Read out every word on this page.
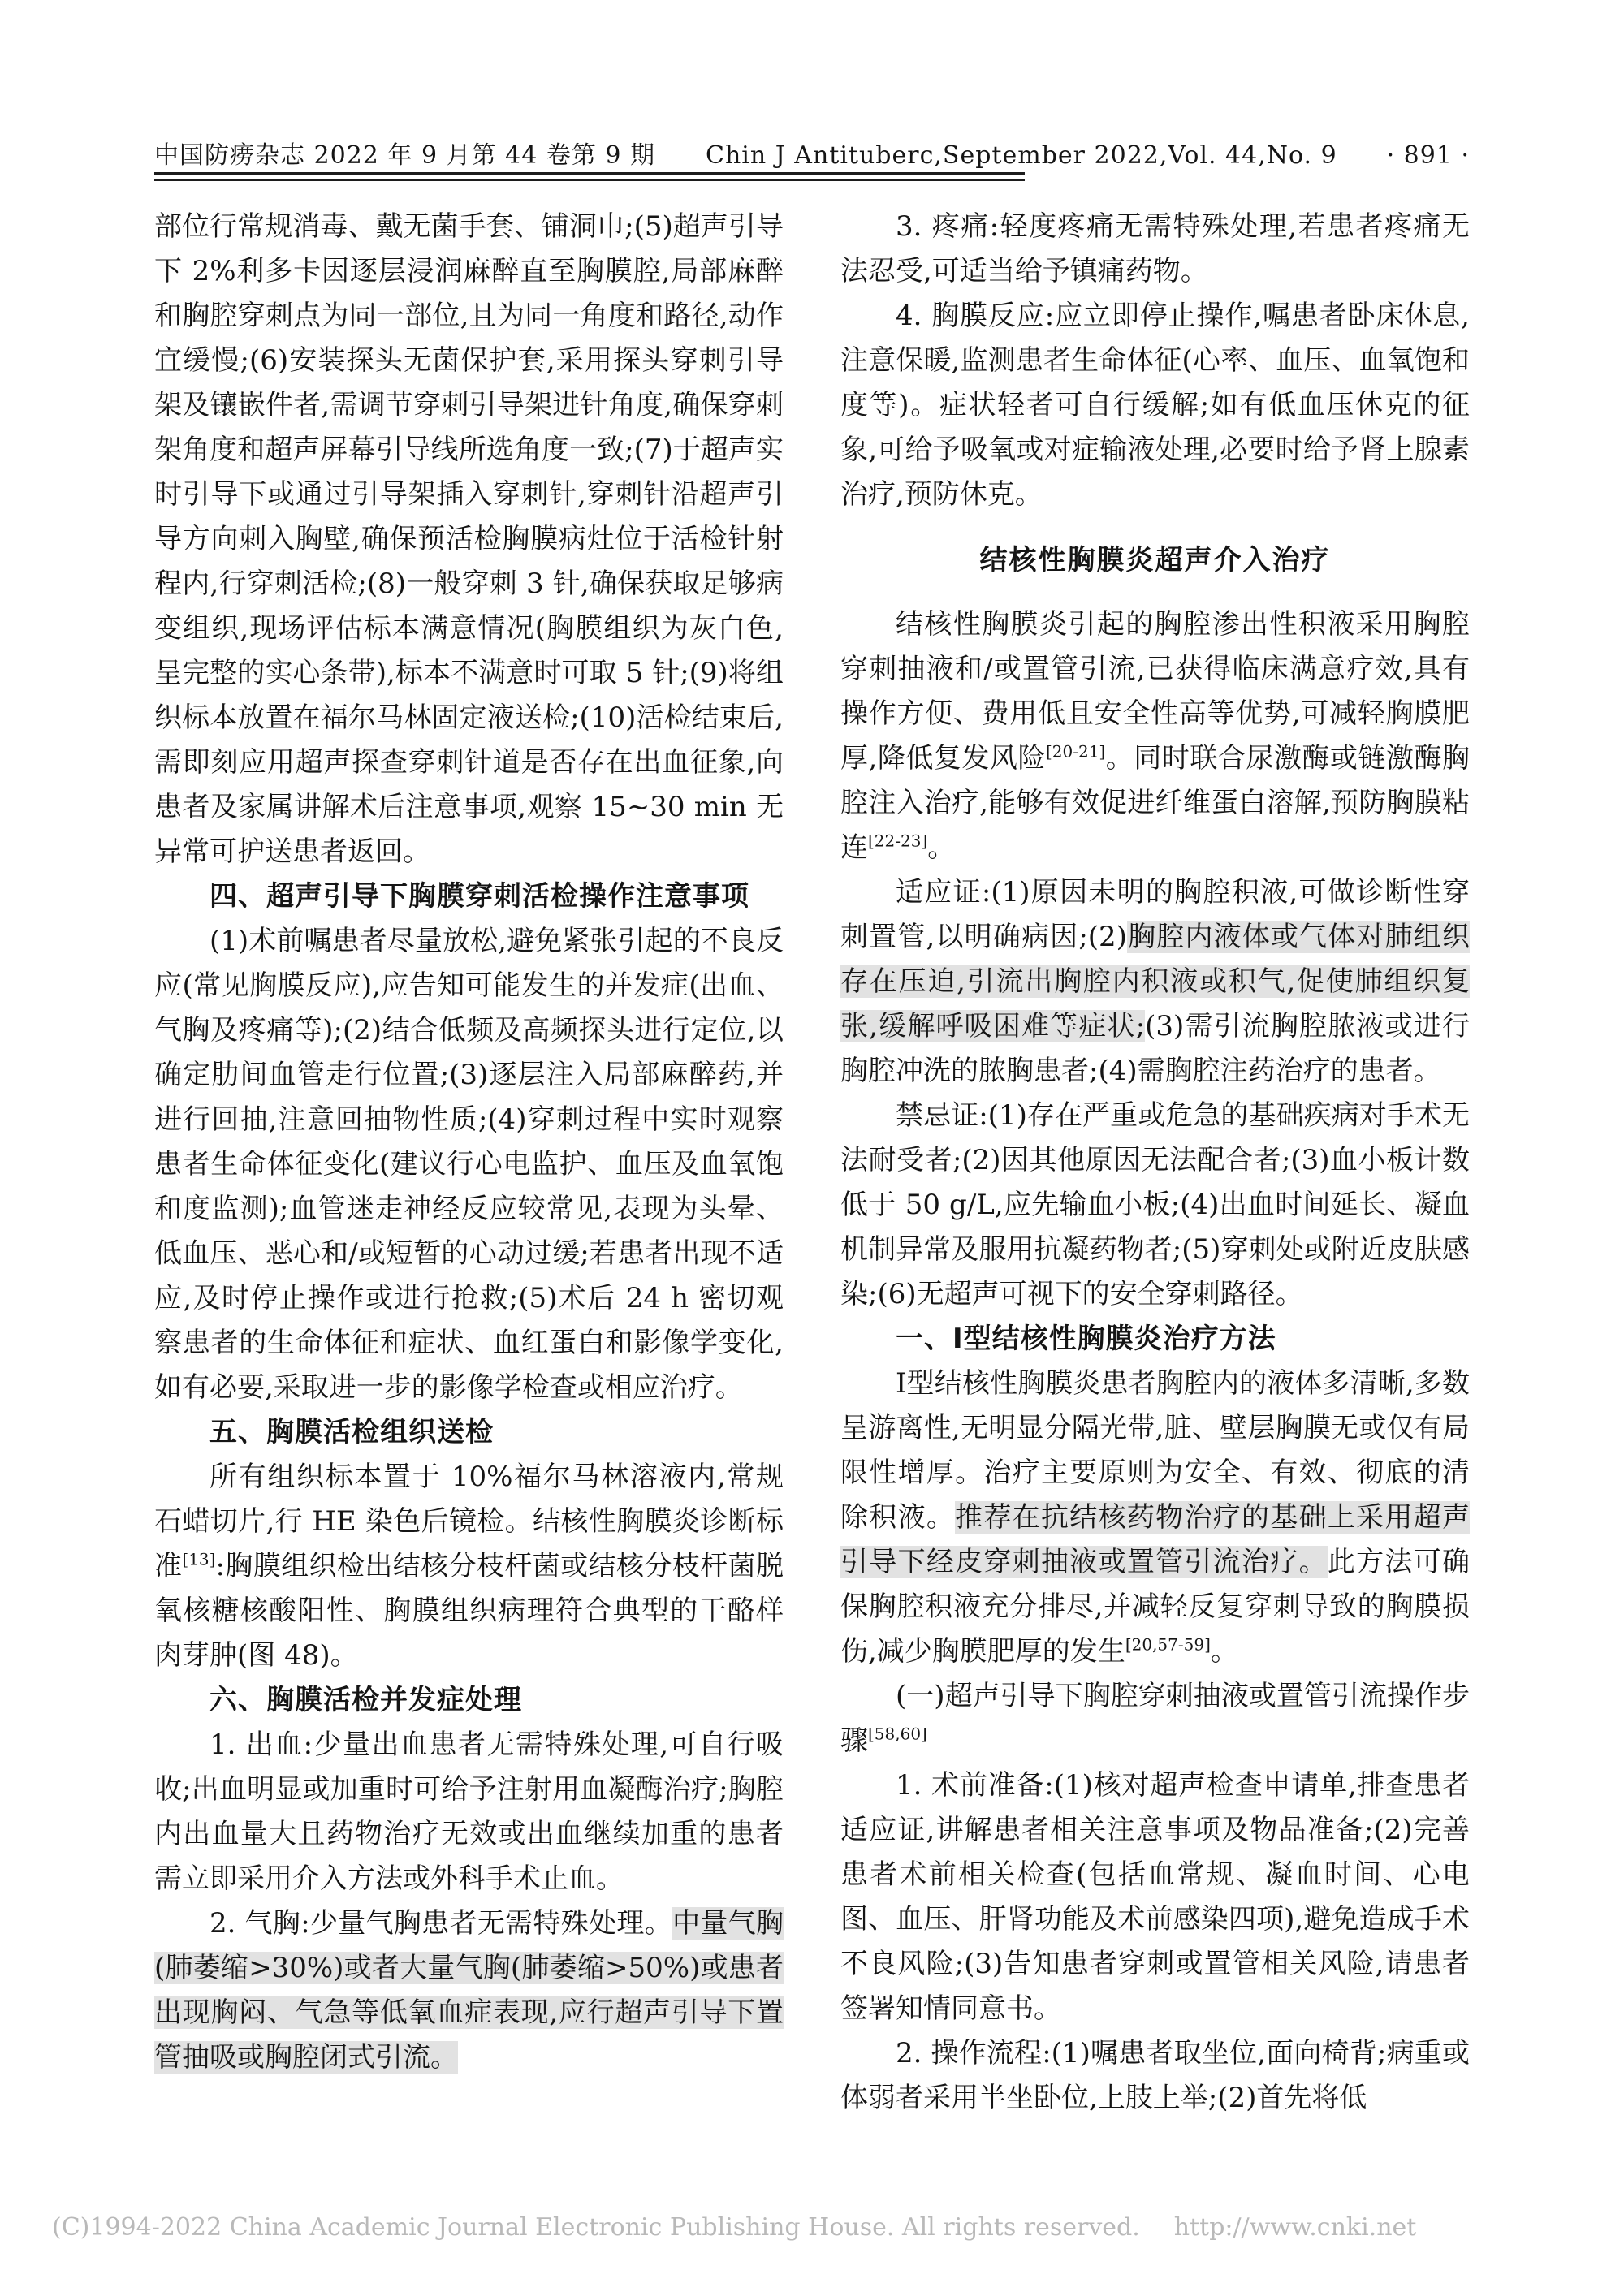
中国防痨杂志 2022 年 9 月第 44 卷第 9 期　　Chin J Antituberc,September 2022,Vol. 44,No. 9 · 891 ·

部位行常规消毒、戴无菌手套、铺洞巾;(5)超声引导下 2%利多卡因逐层浸润麻醉直至胸膜腔,局部麻醉和胸腔穿刺点为同一部位,且为同一角度和路径,动作宜缓慢;(6)安装探头无菌保护套,采用探头穿刺引导架及镶嵌件者,需调节穿刺引导架进针角度,确保穿刺架角度和超声屏幕引导线所选角度一致;(7)于超声实时引导下或通过引导架插入穿刺针,穿刺针沿超声引导方向刺入胸壁,确保预活检胸膜病灶位于活检针射程内,行穿刺活检;(8)一般穿刺 3 针,确保获取足够病变组织,现场评估标本满意情况(胸膜组织为灰白色,呈完整的实心条带),标本不满意时可取 5 针;(9)将组织标本放置在福尔马林固定液送检;(10)活检结束后,需即刻应用超声探查穿刺针道是否存在出血征象,向患者及家属讲解术后注意事项,观察 15~30 min 无异常可护送患者返回。

四、超声引导下胸膜穿刺活检操作注意事项

(1)术前嘱患者尽量放松,避免紧张引起的不良反应(常见胸膜反应),应告知可能发生的并发症(出血、气胸及疼痛等);(2)结合低频及高频探头进行定位,以确定肋间血管走行位置;(3)逐层注入局部麻醉药,并进行回抽,注意回抽物性质;(4)穿刺过程中实时观察患者生命体征变化(建议行心电监护、血压及血氧饱和度监测);血管迷走神经反应较常见,表现为头晕、低血压、恶心和/或短暂的心动过缓;若患者出现不适应,及时停止操作或进行抢救;(5)术后 24 h 密切观察患者的生命体征和症状、血红蛋白和影像学变化,如有必要,采取进一步的影像学检查或相应治疗。

五、胸膜活检组织送检

所有组织标本置于 10%福尔马林溶液内,常规石蜡切片,行 HE 染色后镜检。结核性胸膜炎诊断标准[13]:胸膜组织检出结核分枝杆菌或结核分枝杆菌脱氧核糖核酸阳性、胸膜组织病理符合典型的干酪样肉芽肿(图 48)。

六、胸膜活检并发症处理

1. 出血:少量出血患者无需特殊处理,可自行吸收;出血明显或加重时可给予注射用血凝酶治疗;胸腔内出血量大且药物治疗无效或出血继续加重的患者需立即采用介入方法或外科手术止血。

2. 气胸:少量气胸患者无需特殊处理。中量气胸(肺萎缩>30%)或者大量气胸(肺萎缩>50%)或患者出现胸闷、气急等低氧血症表现,应行超声引导下置管抽吸或胸腔闭式引流。

3. 疼痛:轻度疼痛无需特殊处理,若患者疼痛无法忍受,可适当给予镇痛药物。

4. 胸膜反应:应立即停止操作,嘱患者卧床休息,注意保暖,监测患者生命体征(心率、血压、血氧饱和度等)。症状轻者可自行缓解;如有低血压休克的征象,可给予吸氧或对症输液处理,必要时给予肾上腺素治疗,预防休克。

结核性胸膜炎超声介入治疗

结核性胸膜炎引起的胸腔渗出性积液采用胸腔穿刺抽液和/或置管引流,已获得临床满意疗效,具有操作方便、费用低且安全性高等优势,可减轻胸膜肥厚,降低复发风险[20-21]。同时联合尿激酶或链激酶胸腔注入治疗,能够有效促进纤维蛋白溶解,预防胸膜粘连[22-23]。

适应证:(1)原因未明的胸腔积液,可做诊断性穿刺置管,以明确病因;(2)胸腔内液体或气体对肺组织存在压迫,引流出胸腔内积液或积气,促使肺组织复张,缓解呼吸困难等症状;(3)需引流胸腔脓液或进行胸腔冲洗的脓胸患者;(4)需胸腔注药治疗的患者。

禁忌证:(1)存在严重或危急的基础疾病对手术无法耐受者;(2)因其他原因无法配合者;(3)血小板计数低于 50 g/L,应先输血小板;(4)出血时间延长、凝血机制异常及服用抗凝药物者;(5)穿刺处或附近皮肤感染;(6)无超声可视下的安全穿刺路径。

一、Ⅰ型结核性胸膜炎治疗方法

Ⅰ型结核性胸膜炎患者胸腔内的液体多清晰,多数呈游离性,无明显分隔光带,脏、壁层胸膜无或仅有局限性增厚。治疗主要原则为安全、有效、彻底的清除积液。推荐在抗结核药物治疗的基础上采用超声引导下经皮穿刺抽液或置管引流治疗。此方法可确保胸腔积液充分排尽,并减轻反复穿刺导致的胸膜损伤,减少胸膜肥厚的发生[20,57-59]。

(一)超声引导下胸腔穿刺抽液或置管引流操作步骤[58,60]

1. 术前准备:(1)核对超声检查申请单,排查患者适应证,讲解患者相关注意事项及物品准备;(2)完善患者术前相关检查(包括血常规、凝血时间、心电图、血压、肝肾功能及术前感染四项),避免造成手术不良风险;(3)告知患者穿刺或置管相关风险,请患者签署知情同意书。

2. 操作流程:(1)嘱患者取坐位,面向椅背;病重或体弱者采用半坐卧位,上肢上举;(2)首先将低

(C)1994-2022 China Academic Journal Electronic Publishing House. All rights reserved. http://www.cnki.net
